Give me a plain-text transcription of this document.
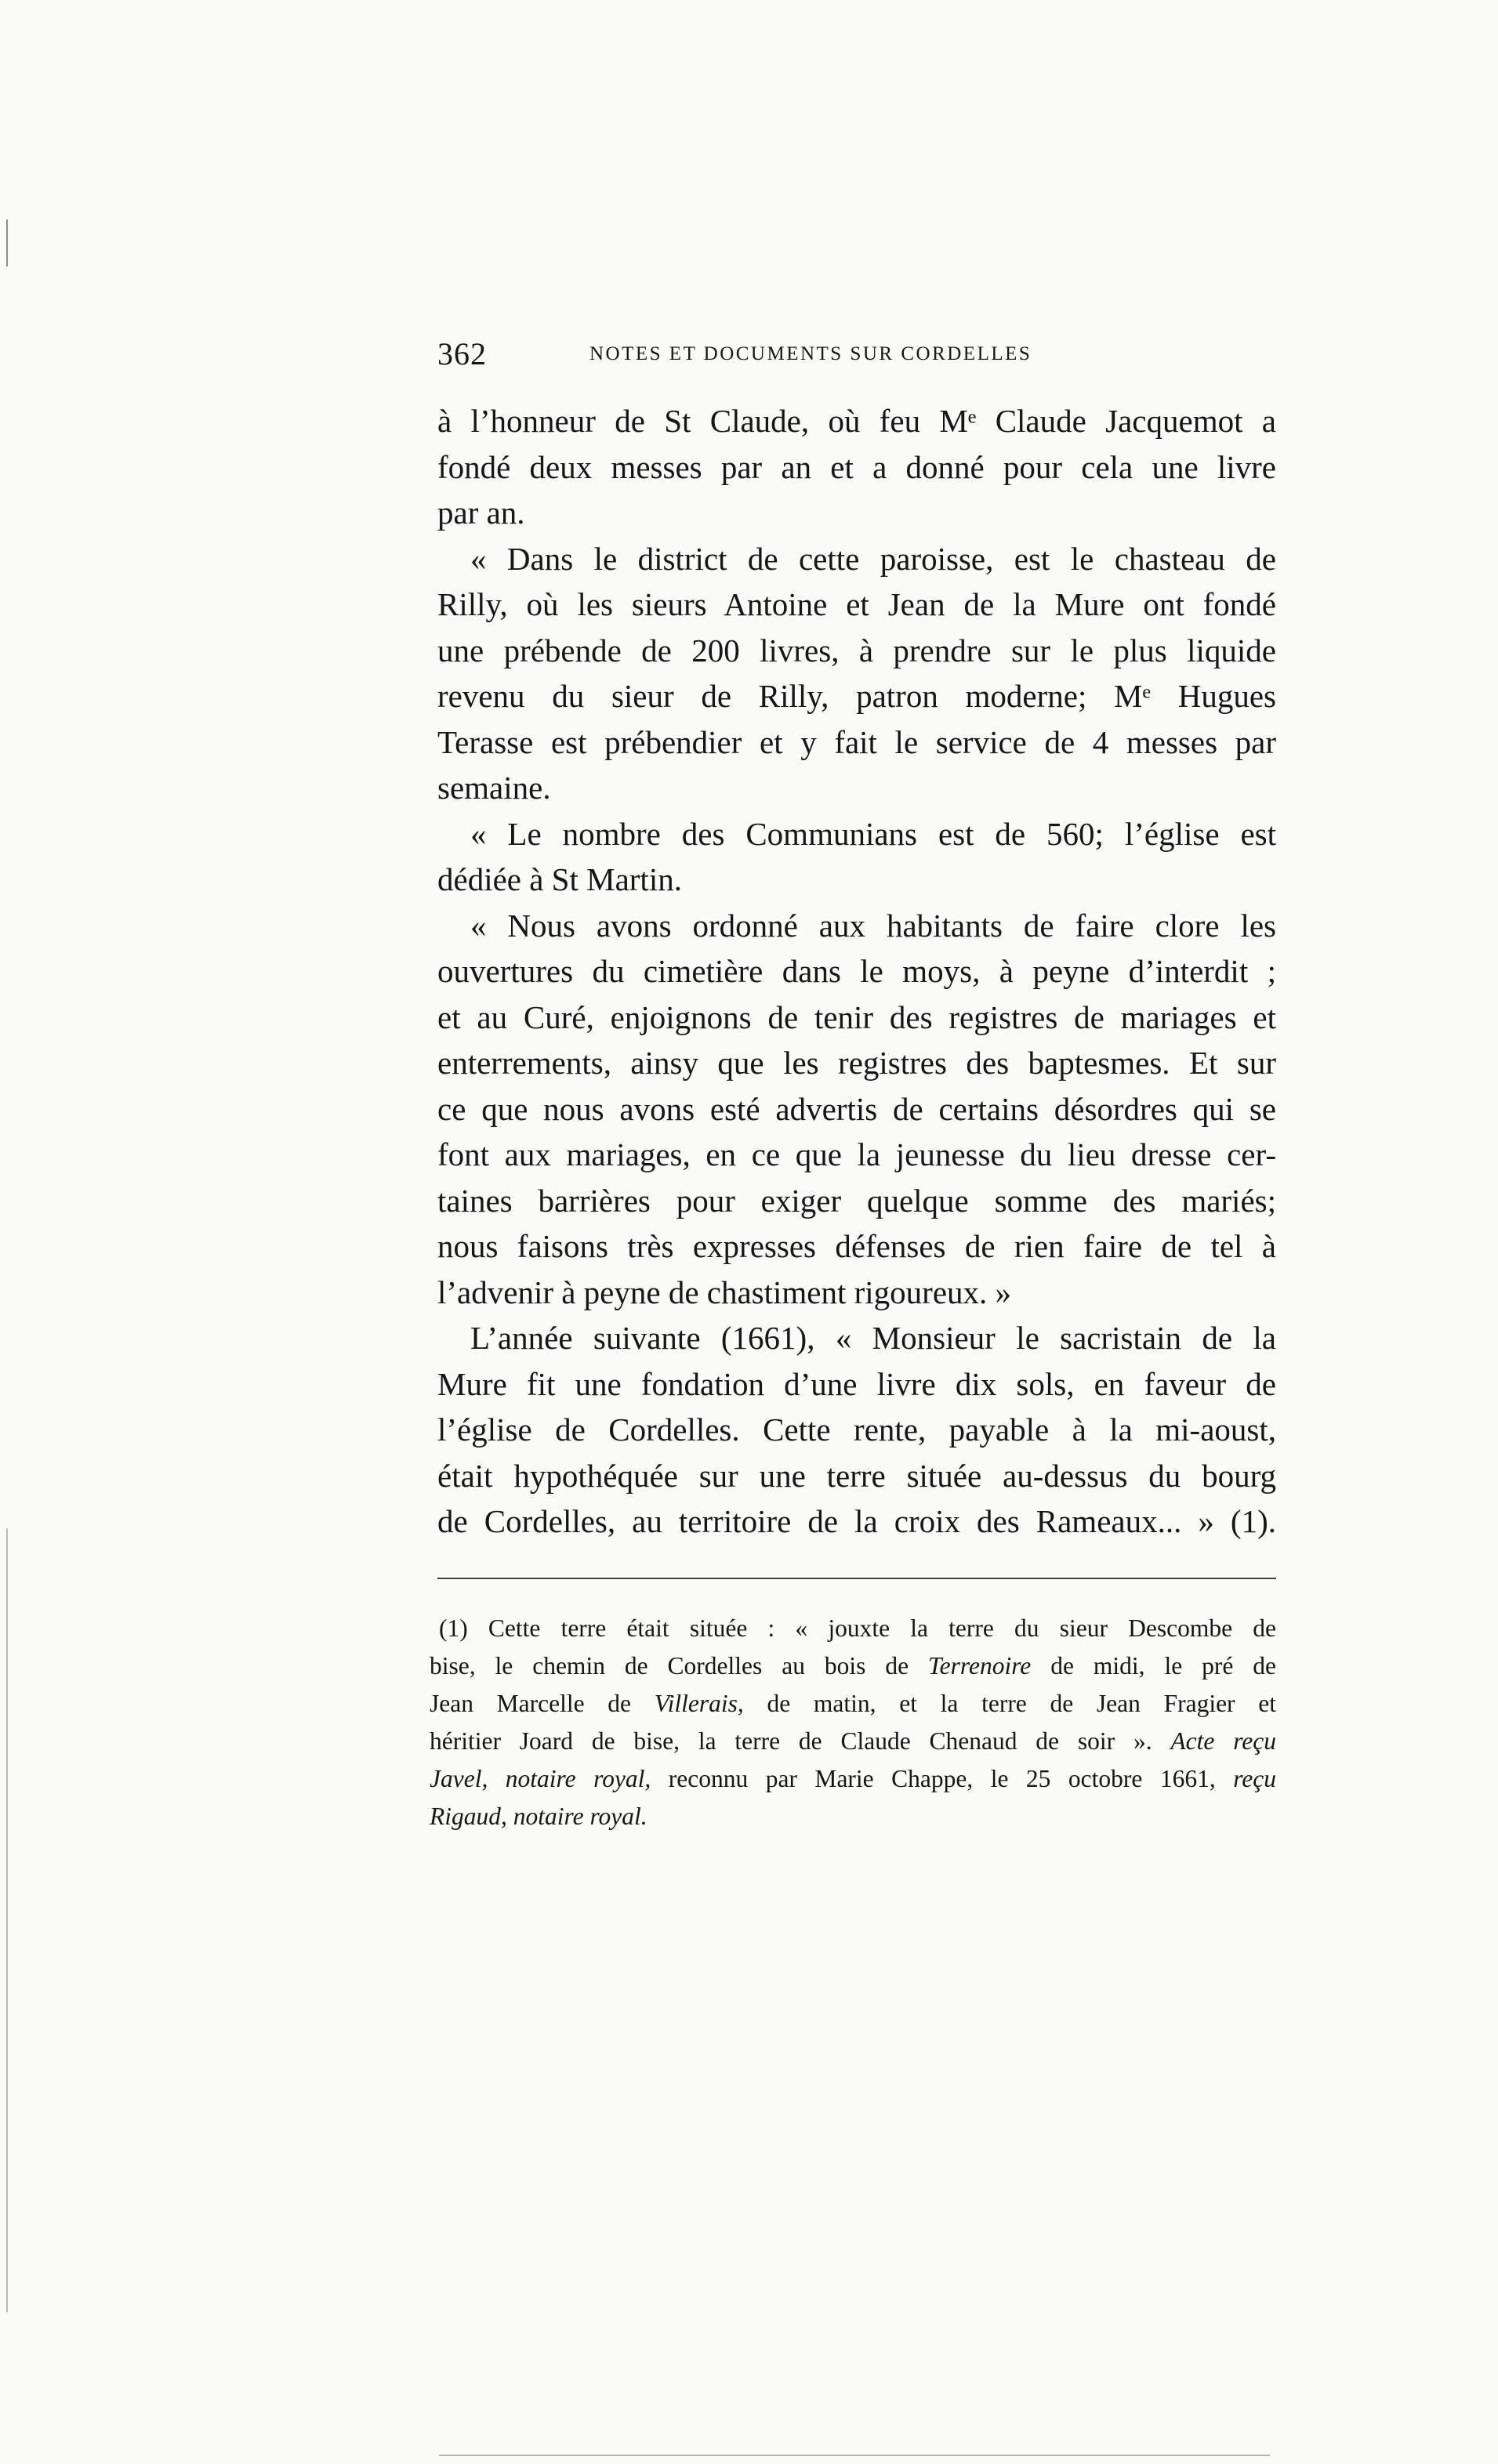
362	NOTES ET DOCUMENTS SUR CORDELLES
à l’honneur de St Claude, où feu Mᵉ Claude Jacquemot a
fondé deux messes par an et a donné pour cela une livre
par an.
« Dans le district de cette paroisse, est le chasteau de
Rilly, où les sieurs Antoine et Jean de la Mure ont fondé
une prébende de 200 livres, à prendre sur le plus liquide
revenu du sieur de Rilly, patron moderne; Mᵉ Hugues
Terasse est prébendier et y fait le service de 4 messes par
semaine.
« Le nombre des Communians est de 560; l’église est
dédiée à St Martin.
« Nous avons ordonné aux habitants de faire clore les
ouvertures du cimetière dans le moys, à peyne d’interdit ;
et au Curé, enjoignons de tenir des registres de mariages et
enterrements, ainsy que les registres des baptesmes. Et sur
ce que nous avons esté advertis de certains désordres qui se
font aux mariages, en ce que la jeunesse du lieu dresse cer-
taines barrières pour exiger quelque somme des mariés;
nous faisons très expresses défenses de rien faire de tel à
l’advenir à peyne de chastiment rigoureux. »
L’année suivante (1661), « Monsieur le sacristain de la
Mure fit une fondation d’une livre dix sols, en faveur de
l’église de Cordelles. Cette rente, payable à la mi-aoust,
était hypothéquée sur une terre située au-dessus du bourg
de Cordelles, au territoire de la croix des Rameaux... » (1).
(1) Cette terre était située : « jouxte la terre du sieur Descombe de
bise, le chemin de Cordelles au bois de Terrenoire de midi, le pré de
Jean Marcelle de Villerais, de matin, et la terre de Jean Fragier et
héritier Joard de bise, la terre de Claude Chenaud de soir ». Acte reçu
Javel, notaire royal, reconnu par Marie Chappe, le 25 octobre 1661, reçu
Rigaud, notaire royal.
